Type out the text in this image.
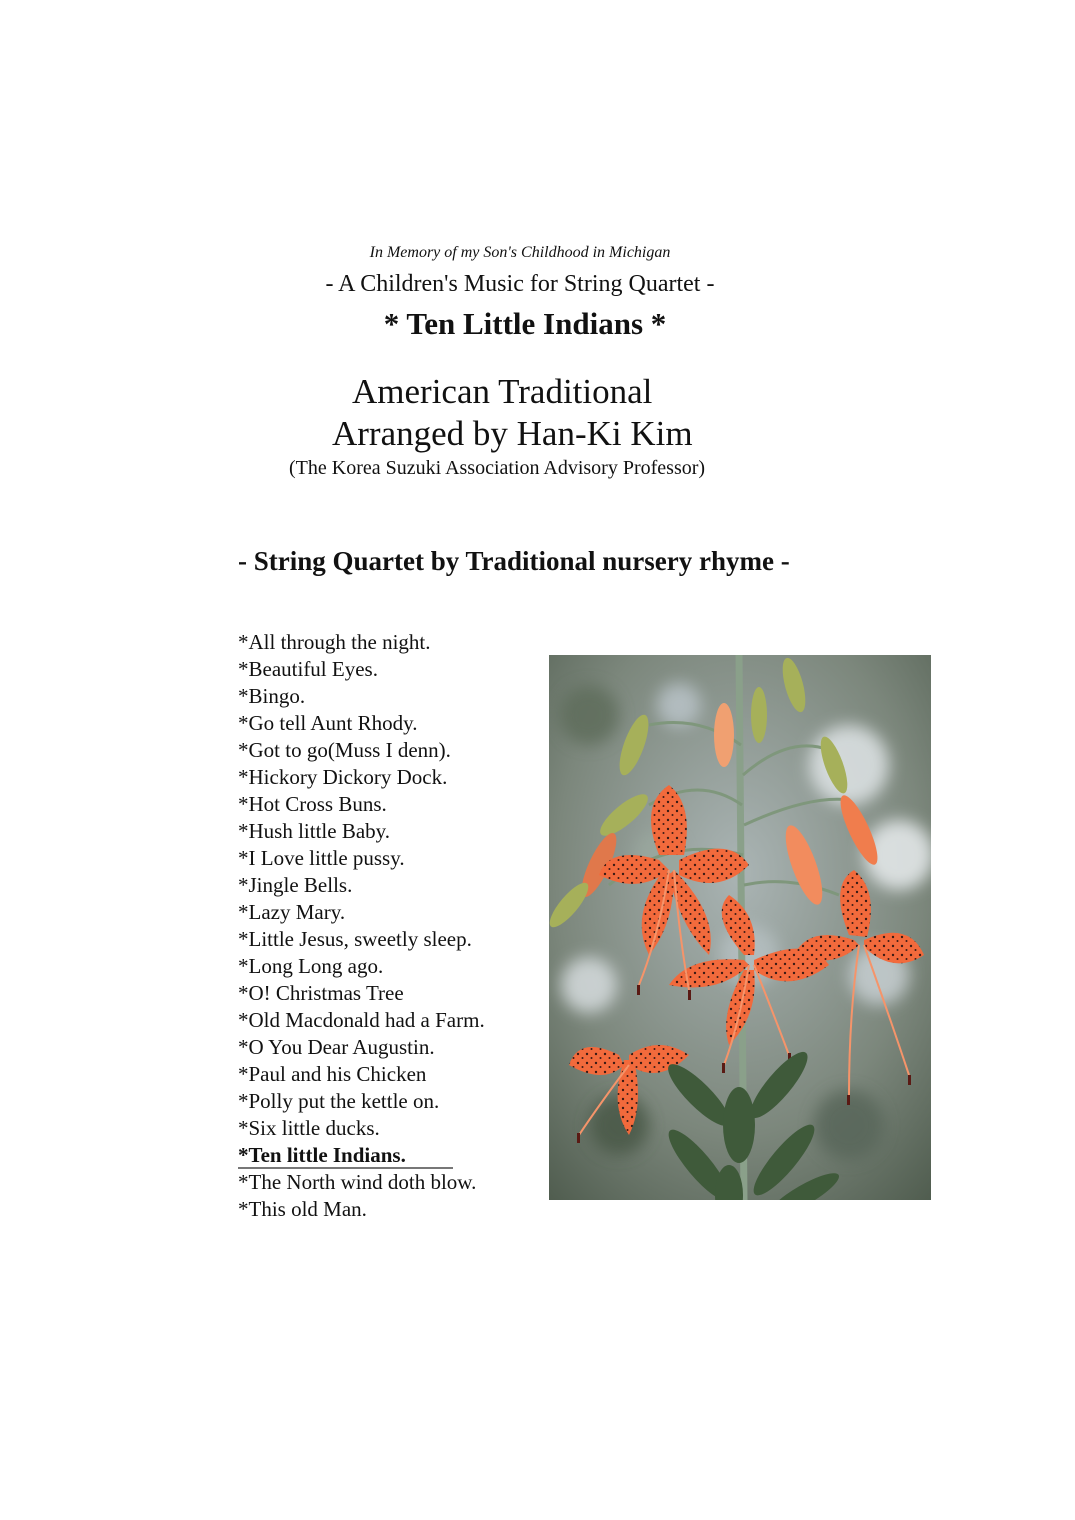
In Memory of my Son's Childhood in Michigan
- A Children's Music for String Quartet -
* Ten Little Indians *
American Traditional
Arranged by Han-Ki Kim
(The Korea Suzuki Association Advisory Professor)
- String Quartet by Traditional nursery rhyme -
*All through the night.
*Beautiful Eyes.
*Bingo.
*Go tell Aunt Rhody.
*Got to go(Muss I denn).
*Hickory Dickory Dock.
*Hot Cross Buns.
*Hush little Baby.
*I Love little pussy.
*Jingle Bells.
*Lazy Mary.
*Little Jesus, sweetly sleep.
*Long Long ago.
*O! Christmas Tree
*Old Macdonald had a Farm.
*O You Dear Augustin.
*Paul and his Chicken
*Polly put the kettle on.
*Six little ducks.
*Ten little Indians.
*The North wind doth blow.
*This old Man.
